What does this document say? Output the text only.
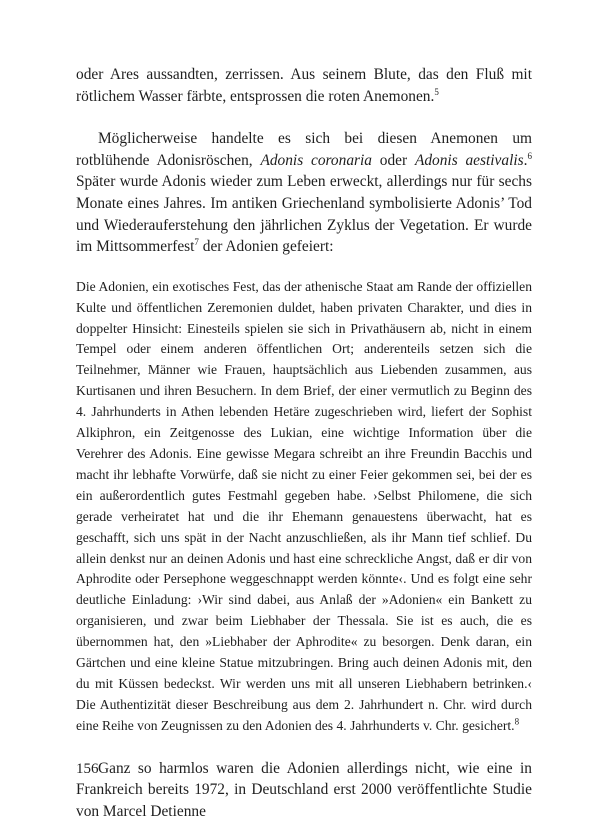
oder Ares aussandten, zerrissen. Aus seinem Blute, das den Fluß mit rötlichem Wasser färbte, entsprossen die roten Anemonen.$^5$

Möglicherweise handelte es sich bei diesen Anemonen um rotblühende Adonisröschen, Adonis coronaria oder Adonis aestivalis.$^6$ Später wurde Adonis wieder zum Leben erweckt, allerdings nur für sechs Monate eines Jahres. Im antiken Griechenland symbolisierte Adonis’ Tod und Wiederauferstehung den jährlichen Zyklus der Vegetation. Er wurde im Mittsommerfest$^7$ der Adonien gefeiert:

Die Adonien, ein exotisches Fest, das der athenische Staat am Rande der offiziellen Kulte und öffentlichen Zeremonien duldet, haben privaten Charakter, und dies in doppelter Hinsicht: Einesteils spielen sie sich in Privathäusern ab, nicht in einem Tempel oder einem anderen öffentlichen Ort; anderenteils setzen sich die Teilnehmer, Männer wie Frauen, hauptsächlich aus Liebenden zusammen, aus Kurtisanen und ihren Besuchern. In dem Brief, der einer vermutlich zu Beginn des 4. Jahrhunderts in Athen lebenden Hetäre zugeschrieben wird, liefert der Sophist Alkiphron, ein Zeitgenosse des Lukian, eine wichtige Information über die Verehrer des Adonis. Eine gewisse Megara schreibt an ihre Freundin Bacchis und macht ihr lebhafte Vorwürfe, daß sie nicht zu einer Feier gekommen sei, bei der es ein außerordentlich gutes Festmahl gegeben habe. ›Selbst Philomene, die sich gerade verheiratet hat und die ihr Ehemann genauestens überwacht, hat es geschafft, sich uns spät in der Nacht anzuschließen, als ihr Mann tief schlief. Du allein denkst nur an deinen Adonis und hast eine schreckliche Angst, daß er dir von Aphrodite oder Persephone weggeschnappt werden könnte‹. Und es folgt eine sehr deutliche Einladung: ›Wir sind dabei, aus Anlaß der »Adonien« ein Bankett zu organisieren, und zwar beim Liebhaber der Thessala. Sie ist es auch, die es übernommen hat, den »Liebhaber der Aphrodite« zu besorgen. Denk daran, ein Gärtchen und eine kleine Statue mitzubringen. Bring auch deinen Adonis mit, den du mit Küssen bedeckst. Wir werden uns mit all unseren Liebhabern betrinken.‹ Die Authentizität dieser Beschreibung aus dem 2. Jahrhundert n. Chr. wird durch eine Reihe von Zeugnissen zu den Adonien des 4. Jahrhunderts v. Chr. gesichert.$^8$

Ganz so harmlos waren die Adonien allerdings nicht, wie eine in Frankreich bereits 1972, in Deutschland erst 2000 veröffentlichte Studie von Marcel Detienne

156
